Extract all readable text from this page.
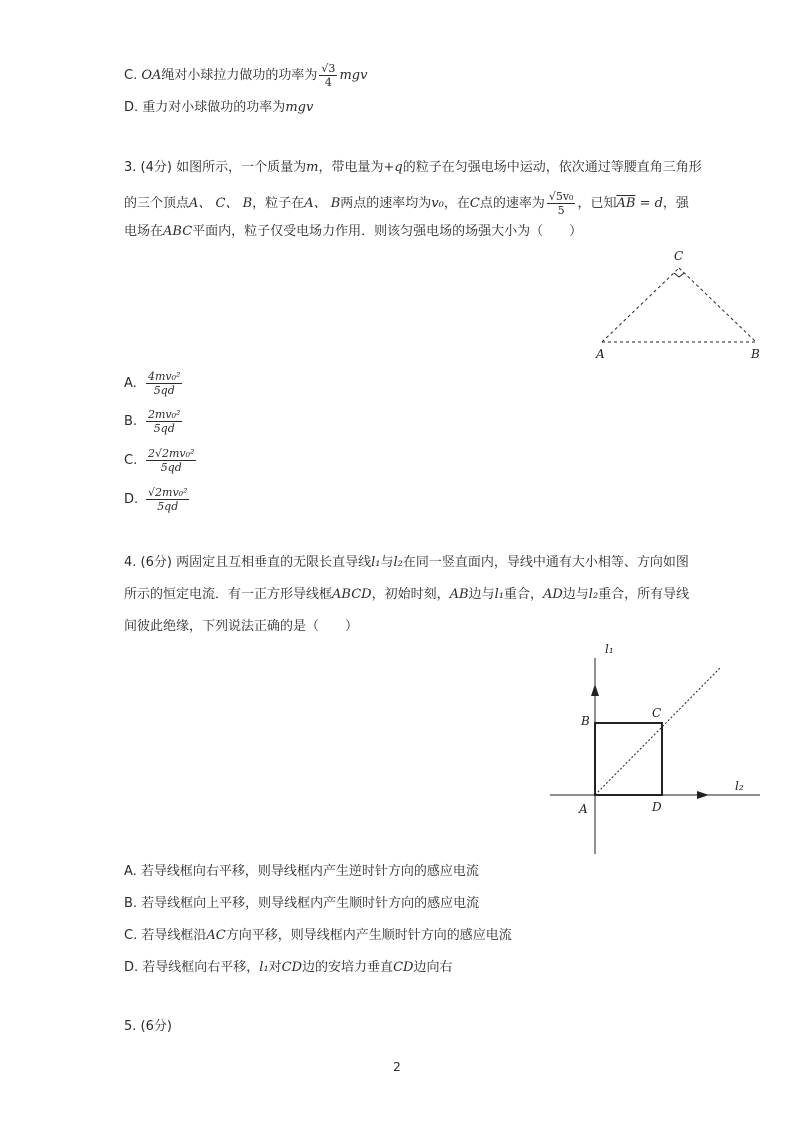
C. OA绳对小球拉力做功的功率为 $\frac{√3}{4}$ mgv
D. 重力对小球做功的功率为mgv
3. (4分) 如图所示，一个质量为m，带电量为+q的粒子在匀强电场中运动，依次通过等腰直角三角形
的三个顶点A、 C、 B，粒子在A、 B两点的速率均为v₀，在C点的速率为 $\frac{\text{√5v₀}}{5}$ ，已知$\overline{AB} = d$，强
电场在ABC平面内，粒子仅受电场力作用．则该匀强电场的场强大小为（　　）
C
A	B
A. $\frac{\text{4mv₀²}}{5qd}$
B. $\frac{\text{2mv₀²}}{5qd}$
C. $\frac{\text{2√2mv₀²}}{5qd}$
D. $\frac{\text{√2mv₀²}}{5qd}$
4. (6分) 两固定且互相垂直的无限长直导线l₁与l₂在同一竖直面内，导线中通有大小相等、方向如图
所示的恒定电流．有一正方形导线框ABCD，初始时刻，AB边与l₁重合，AD边与l₂重合，所有导线
间彼此绝缘，下列说法正确的是（　　）
l₁
l₂
B
C
A	D
A. 若导线框向右平移，则导线框内产生逆时针方向的感应电流
B. 若导线框向上平移，则导线框内产生顺时针方向的感应电流
C. 若导线框沿AC方向平移，则导线框内产生顺时针方向的感应电流
D. 若导线框向右平移，l₁对CD边的安培力垂直CD边向右
5. (6分)
2
